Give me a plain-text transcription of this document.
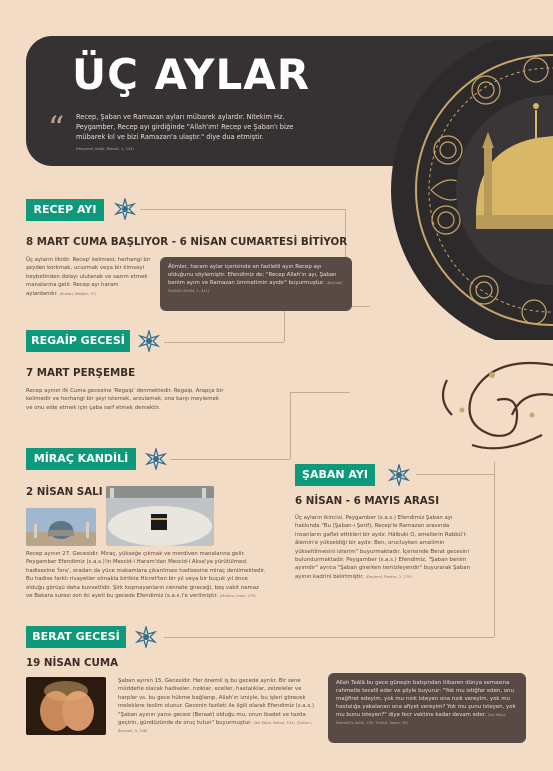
ÜÇ AYLAR
“ Recep, Şaban ve Ramazan ayları mübarek aylardır. Nitekim Hz. Peygamber, Recep ayı girdiğinde "Allah'ım! Recep ve Şaban'ı bize mübarek kıl ve bizi Ramazan'a ulaştır." diye dua etmiştir.
(Heysemî, Kebîr, Rakaik, 1, 243)
RECEP AYI
8 MART CUMA BAŞLIYOR - 6 NİSAN CUMARTESİ BİTİYOR
Üç ayların ilkidir. Recep' kelimesi; herhangi bir şeyden korkmak, ucuzmak veya bir kimseyi heybetinden dolayı ulutanak ve sazım etmek manalarına gelir. Recep ayı haram aylardandır. (Buhari, Meğâzî, 77)
Âlimler, haram aylar içerisinde en faziletli ayın Recep ayı olduğunu söylemiştir. Efendimiz de; "Recep Allah'ın ayı, Şaban benim ayım ve Ramazan ümmetimin ayıdır" buyurmuştur. (Beyhakî, Fedâilü'l-Evkât, 1, 311)
REGAİP GECESİ
7 MART PERŞEMBE
Recep ayının ilk Cuma gecesine 'Regaip' denmektedir. Regaip, Arapça bir kelimedir ve herhangi bir şeyi istemek, arzulamak, ona karşı meylemek ve onu elde etmek için çaba sarf etmek demektir.
MİRAÇ KANDİLİ
2 NİSAN SALI
Recep ayının 27. Gecesidir. Miraç, yükseğe çıkmak ve merdiven manalarına gelir. Peygamber Efendimiz (s.a.s.)'in Mescid-i Haram'dan Mescid-i Aksa'ya yürütülmesi hadisesine 'İsra', oradan da yüce makamlara çıkarılması hadisesine miraç denilmektedir. Bu hadise farklı rivayetler olmakla birlikte Hicret'ten bir yıl veya bir buçuk yıl önce olduğu görüşü daha kuvvetlidir. Şirk koşmayanların cennete gireceği, beş vakit namaz ve Bakara suresi son iki ayeti bu gecede Efendimiz (s.a.s.)'e verilmiştir. (Müslim, İman, 279)
ŞABAN AYI
6 NİSAN - 6 MAYIS ARASI
Üç ayların ikincisi. Peygamber (s.a.s.) Efendimiz Şaban ayı hakkında "Bu (Şaban-ı Şerif), Recep'le Ramazan arasında insanların gaflet ettikleri bir aydır. Hâlbuki O, amellerin Rabbü'l-âlemin'e yükseldiği bir aydır. Ben, orucluyken amelimin yükseltilmesini isterim" buyurmaktadır. İçerisinde Berat gecesini bulundurmaktadır. Peygamber (s.a.s.) Efendimiz, "Şaban benim ayımdır" ayrıca "Şaban girerken temizleyendir" buyurarak Şaban ayının kadrini belirtmiştir. (Deylemî, Firdevs, 2, 275)
BERAT GECESİ
19 NİSAN CUMA
Şaban ayının 15. Gecesidir. Her önemli iş bu gecede ayrılır. Bir sene müddetle olacak hadiseler, rızıklar, eceller, hastalıklar, zelzeleler ve harpler vs. bu gece hükme bağlanıp, Allah'ın izniyle, bu işleri görecek meleklere teslim olunur. Gecenin fazileti ile ilgili olarak Efendimiz (s.a.s.) "Şaban ayının yarısı gecesi (Beraat) olduğu mu, onun ibadet ve tazda geçirin, gündüzünde de oruç tutun" buyurmuştur. (İbn Mâce, İkâme, 191) (Duhan / Beyhakî, 4, 148)
Allah Teâlâ bu gece güneşin batışından itibaren dünya semasına rahmetle tecelli eder ve şöyle buyurur: "Yok mu istiğfar eden, onu mağfiret edeyim, yok mu rızık isteyen ona rızık vereyim, yok mu hastalığa yakalanan ona afiyet vereyim? Yok mu şunu isteyen, yok mu bunu isteyen?" diye fecr vaktine kadar devam eder. (İbn Mâce, İkâmetü's-Salât, 191; Tirmizî, Savm, 39)
